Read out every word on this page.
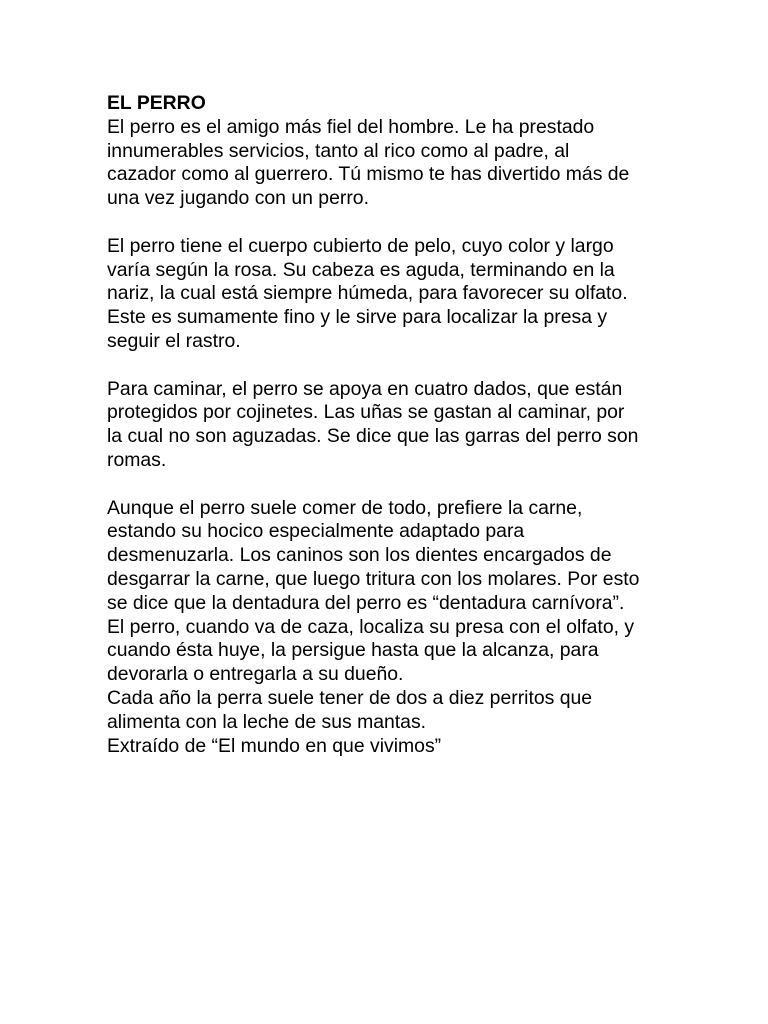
EL PERRO

El perro es el amigo más fiel del hombre. Le ha prestado

innumerables servicios, tanto al rico como al padre, al

cazador como al guerrero. Tú mismo te has divertido más de

una vez jugando con un perro.

El perro tiene el cuerpo cubierto de pelo, cuyo color y largo

varía según la rosa. Su cabeza es aguda, terminando en la

nariz, la cual está siempre húmeda, para favorecer su olfato.

Este es sumamente fino y le sirve para localizar la presa y

seguir el rastro.

Para caminar, el perro se apoya en cuatro dados, que están

protegidos por cojinetes. Las uñas se gastan al caminar, por

la cual no son aguzadas. Se dice que las garras del perro son

romas.

Aunque el perro suele comer de todo, prefiere la carne,

estando su hocico especialmente adaptado para

desmenuzarla. Los caninos son los dientes encargados de

desgarrar la carne, que luego tritura con los molares. Por esto

se dice que la dentadura del perro es “dentadura carnívora”.

El perro, cuando va de caza, localiza su presa con el olfato, y

cuando ésta huye, la persigue hasta que la alcanza, para

devorarla o entregarla a su dueño.

Cada año la perra suele tener de dos a diez perritos que

alimenta con la leche de sus mantas.

Extraído de “El mundo en que vivimos”
